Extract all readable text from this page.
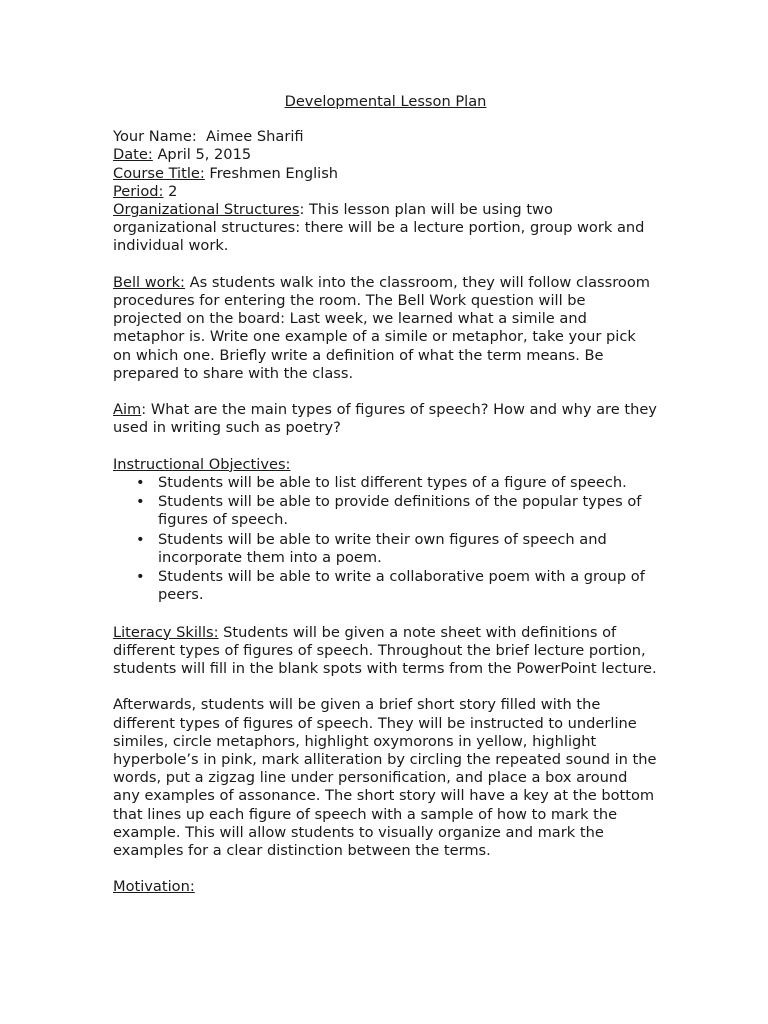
Developmental Lesson Plan

Your Name: Aimee Sharifi

Date: April 5, 2015

Course Title: Freshmen English

Period: 2

Organizational Structures: This lesson plan will be using two organizational structures: there will be a lecture portion, group work and individual work.

Bell work: As students walk into the classroom, they will follow classroom procedures for entering the room. The Bell Work question will be projected on the board: Last week, we learned what a simile and metaphor is. Write one example of a simile or metaphor, take your pick on which one. Briefly write a definition of what the term means. Be prepared to share with the class.

Aim: What are the main types of figures of speech? How and why are they used in writing such as poetry?

Instructional Objectives:

• Students will be able to list different types of a figure of speech.
• Students will be able to provide definitions of the popular types of figures of speech.
• Students will be able to write their own figures of speech and incorporate them into a poem.
• Students will be able to write a collaborative poem with a group of peers.

Literacy Skills: Students will be given a note sheet with definitions of different types of figures of speech. Throughout the brief lecture portion, students will fill in the blank spots with terms from the PowerPoint lecture.

Afterwards, students will be given a brief short story filled with the different types of figures of speech. They will be instructed to underline similes, circle metaphors, highlight oxymorons in yellow, highlight hyperbole’s in pink, mark alliteration by circling the repeated sound in the words, put a zigzag line under personification, and place a box around any examples of assonance. The short story will have a key at the bottom that lines up each figure of speech with a sample of how to mark the example. This will allow students to visually organize and mark the examples for a clear distinction between the terms.

Motivation:
